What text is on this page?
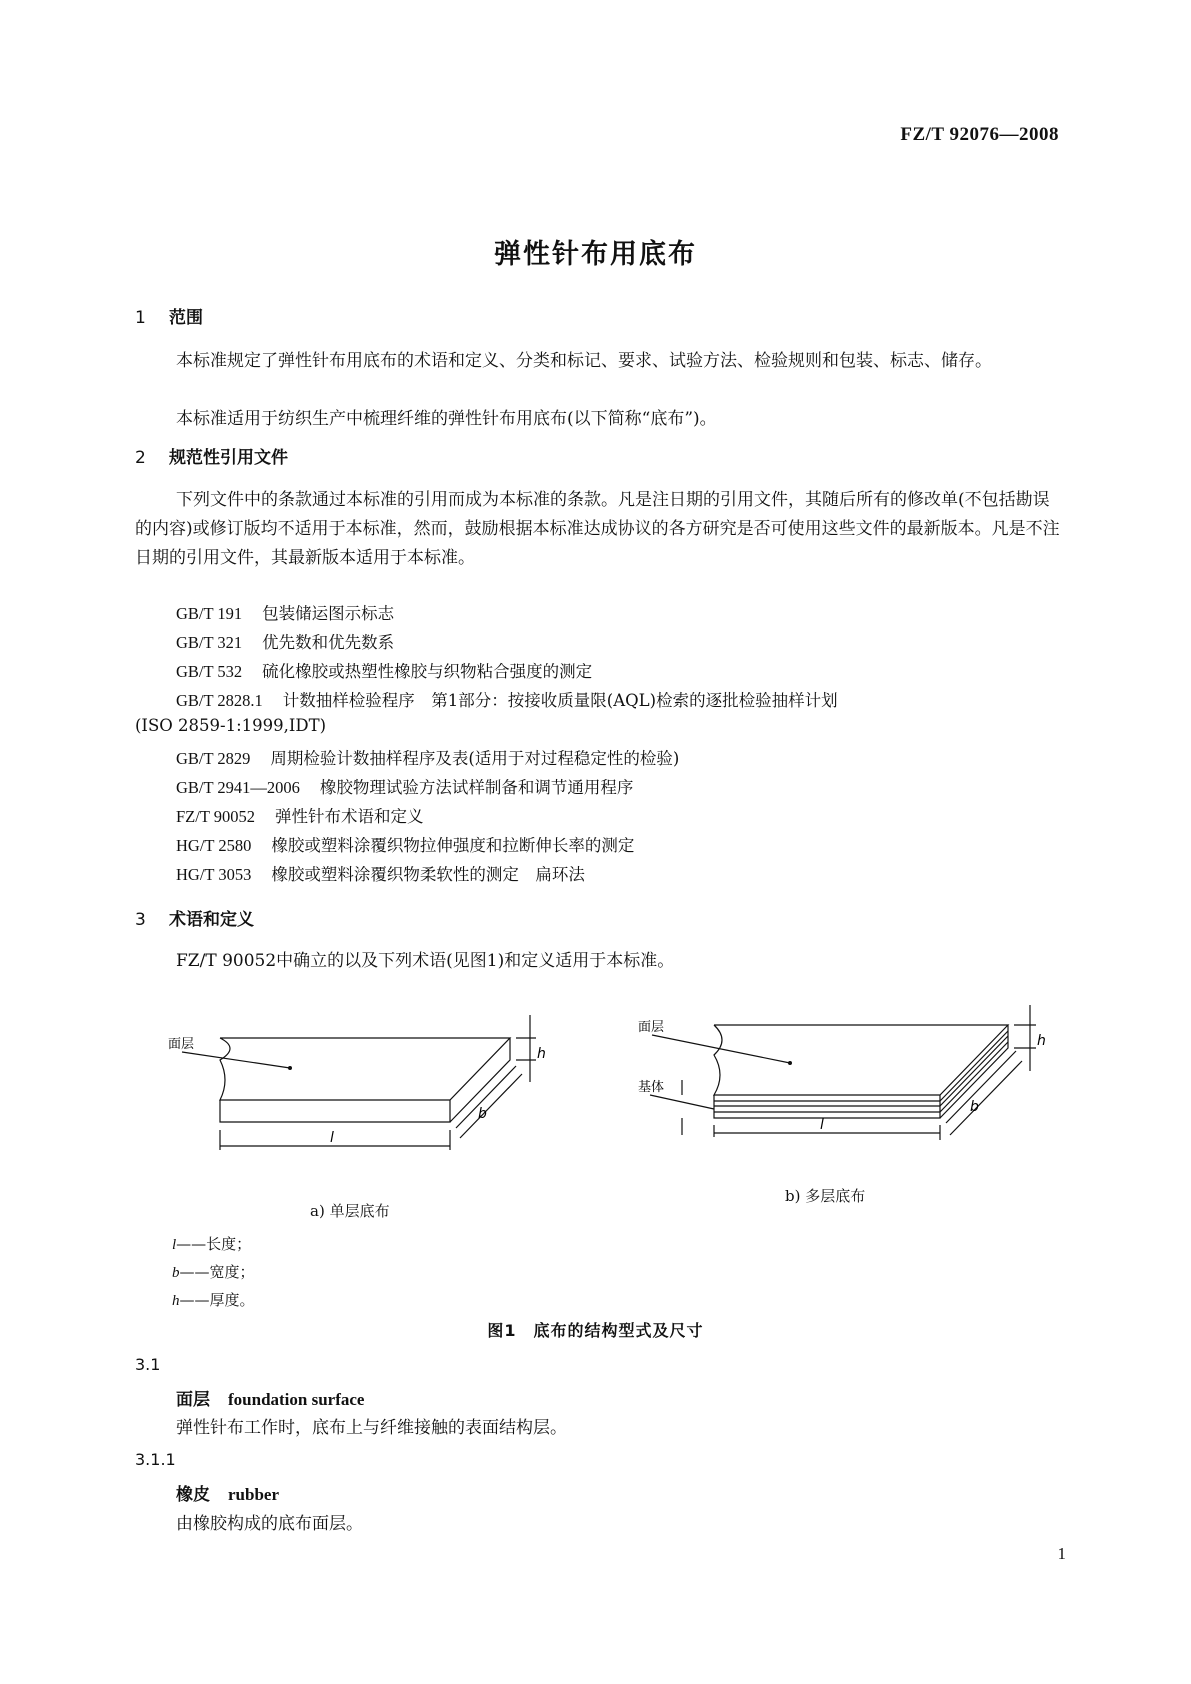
FZ/T 92076—2008
弹性针布用底布
1 范围
本标准规定了弹性针布用底布的术语和定义、分类和标记、要求、试验方法、检验规则和包装、标志、储存。
本标准适用于纺织生产中梳理纤维的弹性针布用底布(以下简称“底布”)。
2 规范性引用文件
下列文件中的条款通过本标准的引用而成为本标准的条款。凡是注日期的引用文件，其随后所有的修改单(不包括勘误的内容)或修订版均不适用于本标准，然而，鼓励根据本标准达成协议的各方研究是否可使用这些文件的最新版本。凡是不注日期的引用文件，其最新版本适用于本标准。
GB/T 191 包装储运图示标志
GB/T 321 优先数和优先数系
GB/T 532 硫化橡胶或热塑性橡胶与织物粘合强度的测定
GB/T 2828.1 计数抽样检验程序　第1部分：按接收质量限(AQL)检索的逐批检验抽样计划
(ISO 2859-1:1999,IDT)
GB/T 2829 周期检验计数抽样程序及表(适用于对过程稳定性的检验)
GB/T 2941—2006 橡胶物理试验方法试样制备和调节通用程序
FZ/T 90052 弹性针布术语和定义
HG/T 2580 橡胶或塑料涂覆织物拉伸强度和拉断伸长率的测定
HG/T 3053 橡胶或塑料涂覆织物柔软性的测定　扁环法
3 术语和定义
FZ/T 90052中确立的以及下列术语(见图1)和定义适用于本标准。
面层
l
b
h
a) 单层底布
面层
基体
l
b
h
b) 多层底布
l——长度；
b——宽度；
h——厚度。
图1　底布的结构型式及尺寸
3.1
面层 foundation surface
弹性针布工作时，底布上与纤维接触的表面结构层。
3.1.1
橡皮 rubber
由橡胶构成的底布面层。
1
